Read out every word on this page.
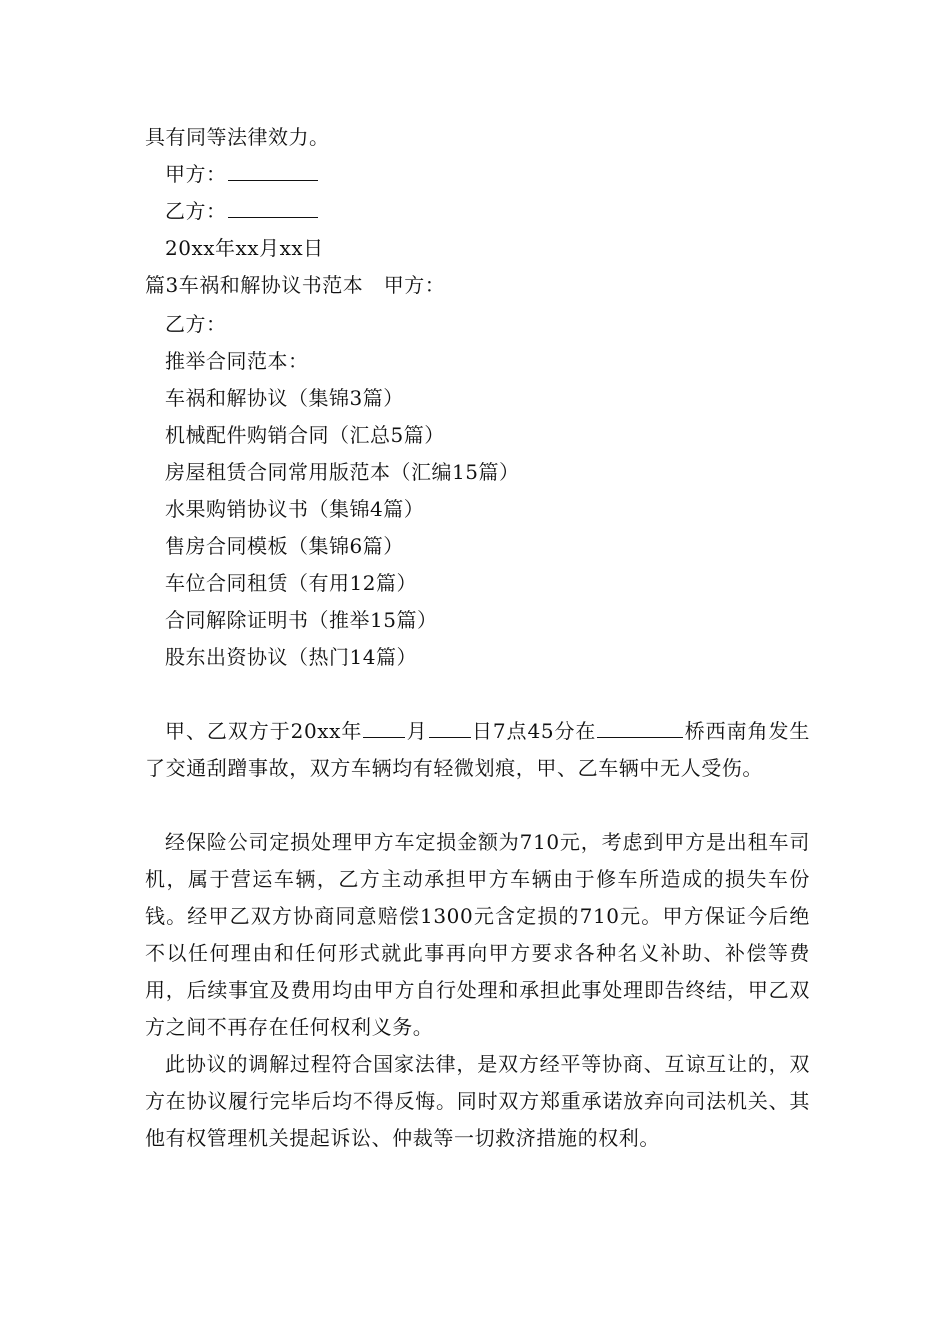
具有同等法律效力。
甲方：
乙方：
20xx年xx月xx日
篇3车祸和解协议书范本　甲方：
乙方：
推举合同范本：
车祸和解协议（集锦3篇）
机械配件购销合同（汇总5篇）
房屋租赁合同常用版范本（汇编15篇）
水果购销协议书（集锦4篇）
售房合同模板（集锦6篇）
车位合同租赁（有用12篇）
合同解除证明书（推举15篇）
股东出资协议（热门14篇）
甲、乙双方于20xx年 月 日7点45分在	桥西南角发生了交通刮蹭事故，双方车辆均有轻微划痕，甲、乙车辆中无人受伤。
经保险公司定损处理甲方车定损金额为710元，考虑到甲方是出租车司机，属于营运车辆，乙方主动承担甲方车辆由于修车所造成的损失车份钱。经甲乙双方协商同意赔偿1300元含定损的710元。甲方保证今后绝不以任何理由和任何形式就此事再向甲方要求各种名义补助、补偿等费用，后续事宜及费用均由甲方自行处理和承担此事处理即告终结，甲乙双方之间不再存在任何权利义务。
此协议的调解过程符合国家法律，是双方经平等协商、互谅互让的，双方在协议履行完毕后均不得反悔。同时双方郑重承诺放弃向司法机关、其他有权管理机关提起诉讼、仲裁等一切救济措施的权利。
